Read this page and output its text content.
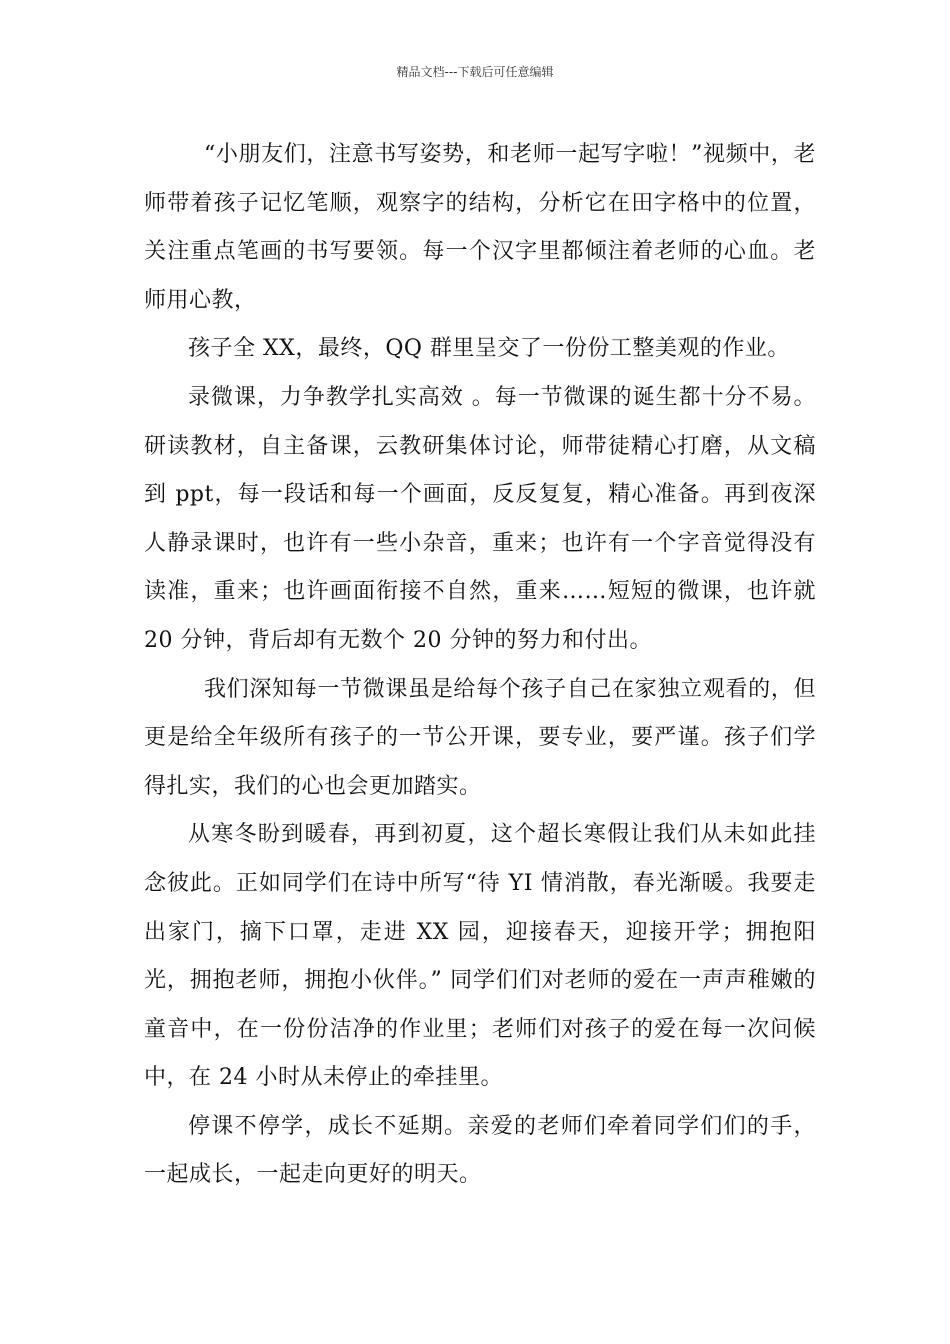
精品文档---下载后可任意编辑

“小朋友们，注意书写姿势，和老师一起写字啦！”视频中，老师带着孩子记忆笔顺，观察字的结构，分析它在田字格中的位置，关注重点笔画的书写要领。每一个汉字里都倾注着老师的心血。老师用心教，

孩子全 XX，最终，QQ 群里呈交了一份份工整美观的作业。

录微课，力争教学扎实高效 。每一节微课的诞生都十分不易。研读教材，自主备课，云教研集体讨论，师带徒精心打磨，从文稿到 ppt，每一段话和每一个画面，反反复复，精心准备。再到夜深人静录课时，也许有一些小杂音，重来；也许有一个字音觉得没有读准，重来；也许画面衔接不自然，重来……短短的微课，也许就 20 分钟，背后却有无数个 20 分钟的努力和付出。

我们深知每一节微课虽是给每个孩子自己在家独立观看的，但更是给全年级所有孩子的一节公开课，要专业，要严谨。孩子们学得扎实，我们的心也会更加踏实。

从寒冬盼到暖春，再到初夏，这个超长寒假让我们从未如此挂念彼此。正如同学们在诗中所写“待 YI 情消散，春光渐暖。我要走出家门，摘下口罩，走进 XX 园，迎接春天，迎接开学；拥抱阳光，拥抱老师，拥抱小伙伴。” 同学们们对老师的爱在一声声稚嫩的童音中，在一份份洁净的作业里；老师们对孩子的爱在每一次问候中，在 24 小时从未停止的牵挂里。

停课不停学，成长不延期。亲爱的老师们牵着同学们们的手，一起成长，一起走向更好的明天。
